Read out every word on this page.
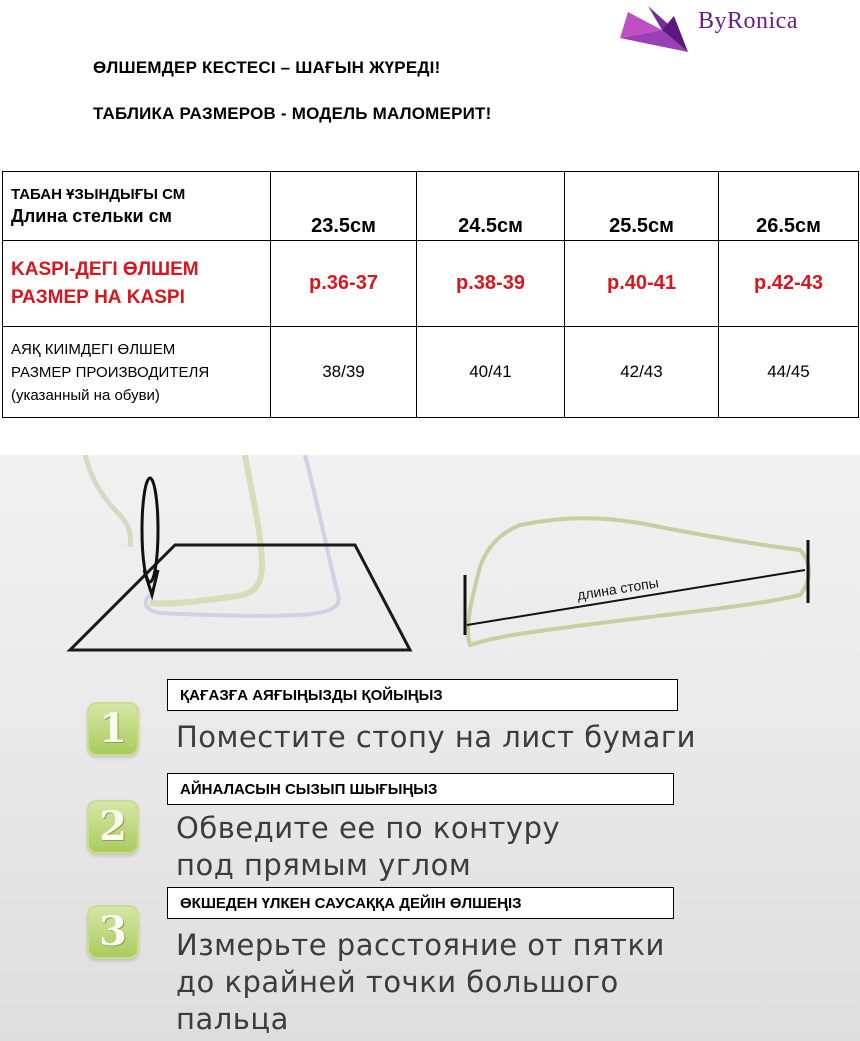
ByRonica
ӨЛШЕМДЕР КЕСТЕСІ – ШАҒЫН ЖҮРЕДІ!
ТАБЛИКА РАЗМЕРОВ - МОДЕЛЬ МАЛОМЕРИТ!
ТАБАН ҰЗЫНДЫҒЫ СМ
Длина стельки см	23.5см	24.5см	25.5см	26.5см

KASPI-ДЕГІ ӨЛШЕМ
РАЗМЕР НА KASPI	р.36-37	р.38-39	р.40-41	р.42-43

АЯҚ КИІМДЕГІ ӨЛШЕМ
РАЗМЕР ПРОИЗВОДИТЕЛЯ
(указанный на обуви)	38/39	40/41	42/43	44/45
длина стопы
1
ҚАҒАЗҒА АЯҒЫҢЫЗДЫ ҚОЙЫҢЫЗ
Поместите стопу на лист бумаги
2
АЙНАЛАСЫН СЫЗЫП ШЫҒЫҢЫЗ
Обведите ее по контуру
под прямым углом
3
ӨКШЕДЕН ҮЛКЕН САУСАҚҚА ДЕЙІН ӨЛШЕҢІЗ
Измерьте расстояние от пятки
до крайней точки большого
пальца
